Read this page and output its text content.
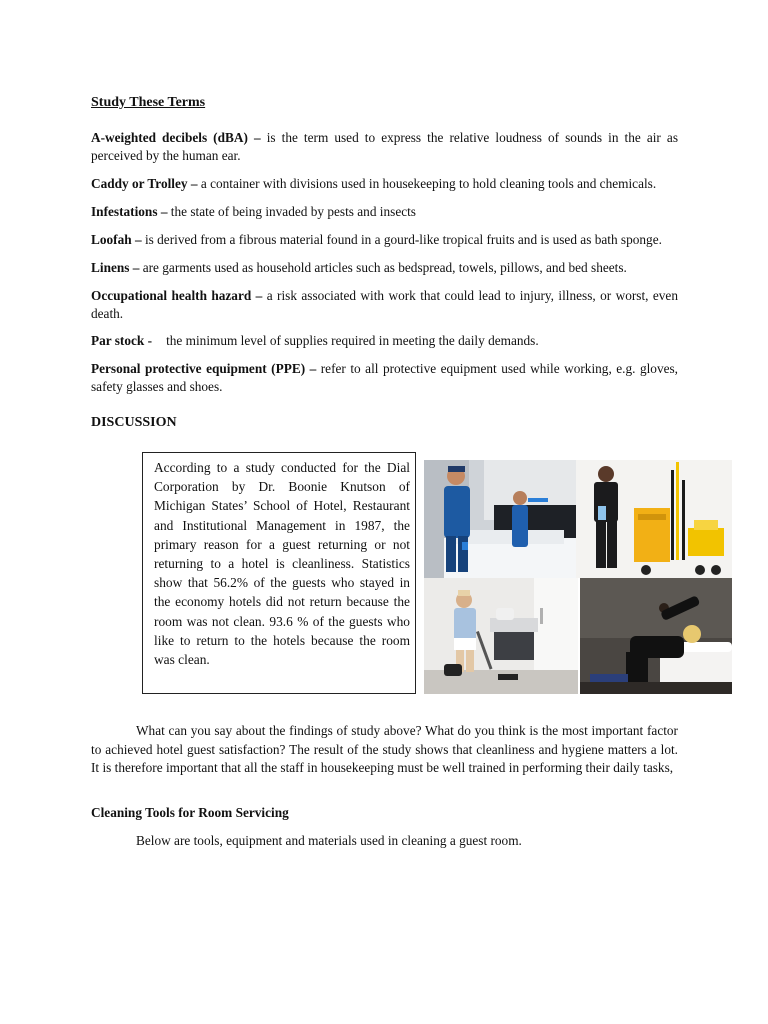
Study These Terms
A-weighted decibels (dBA) – is the term used to express the relative loudness of sounds in the air as perceived by the human ear.
Caddy or Trolley – a container with divisions used in housekeeping to hold cleaning tools and chemicals.
Infestations – the state of being invaded by pests and insects
Loofah – is derived from a fibrous material found in a gourd-like tropical fruits and is used as bath sponge.
Linens – are garments used as household articles such as bedspread, towels, pillows, and bed sheets.
Occupational health hazard – a risk associated with work that could lead to injury, illness, or worst, even death.
Par stock - the minimum level of supplies required in meeting the daily demands.
Personal protective equipment (PPE) – refer to all protective equipment used while working, e.g. gloves, safety glasses and shoes.
DISCUSSION
According to a study conducted for the Dial Corporation by Dr. Boonie Knutson of Michigan States’ School of Hotel, Restaurant and Institutional Management in 1987, the primary reason for a guest returning or not returning to a hotel is cleanliness. Statistics show that 56.2% of the guests who stayed in the economy hotels did not return because the room was not clean. 93.6 % of the guests who like to return to the hotels because the room was clean.
What can you say about the findings of study above? What do you think is the most important factor to achieved hotel guest satisfaction? The result of the study shows that cleanliness and hygiene matters a lot. It is therefore important that all the staff in housekeeping must be well trained in performing their daily tasks,
Cleaning Tools for Room Servicing
Below are tools, equipment and materials used in cleaning a guest room.
